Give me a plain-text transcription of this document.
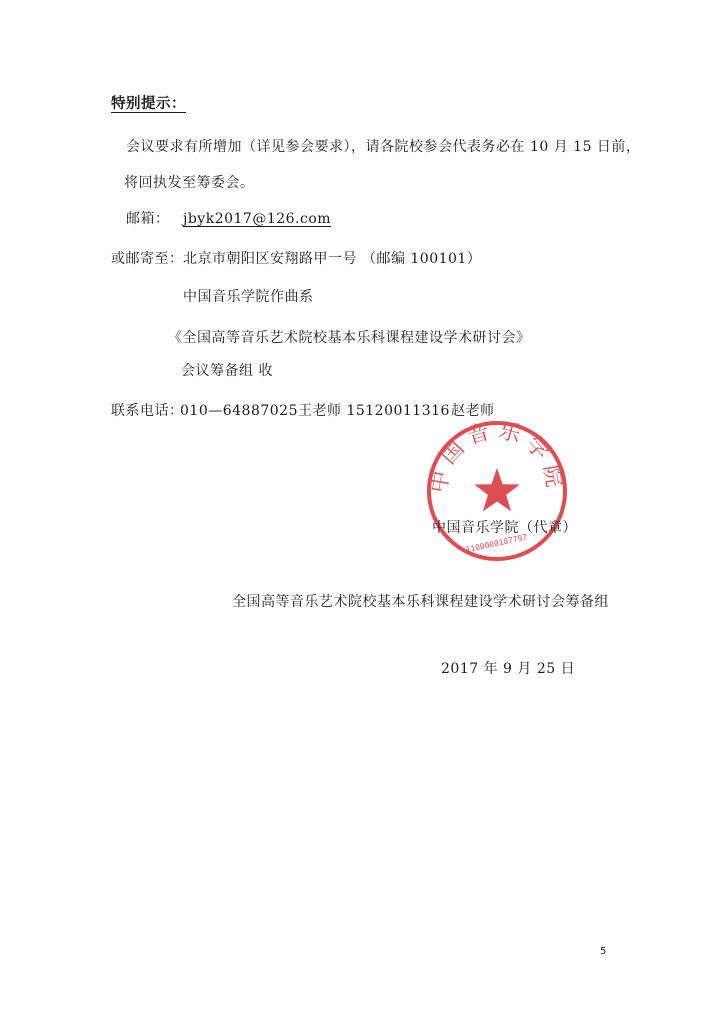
特别提示：
会议要求有所增加（详见参会要求），请各院校参会代表务必在 10 月 15 日前，
将回执发至筹委会。
邮箱： jbyk2017@126.com
或邮寄至： 北京市朝阳区安翔路甲一号 （邮编 100101）
中国音乐学院作曲系
《全国高等音乐艺术院校基本乐科课程建设学术研讨会》
会议筹备组 收
联系电话：
010—64887025 王老师 15120011316 赵老师
中国音乐学院
1100000187797
中国音乐学院（代章）
全国高等音乐艺术院校基本乐科课程建设学术研讨会筹备组
2017 年 9 月 25 日
5
